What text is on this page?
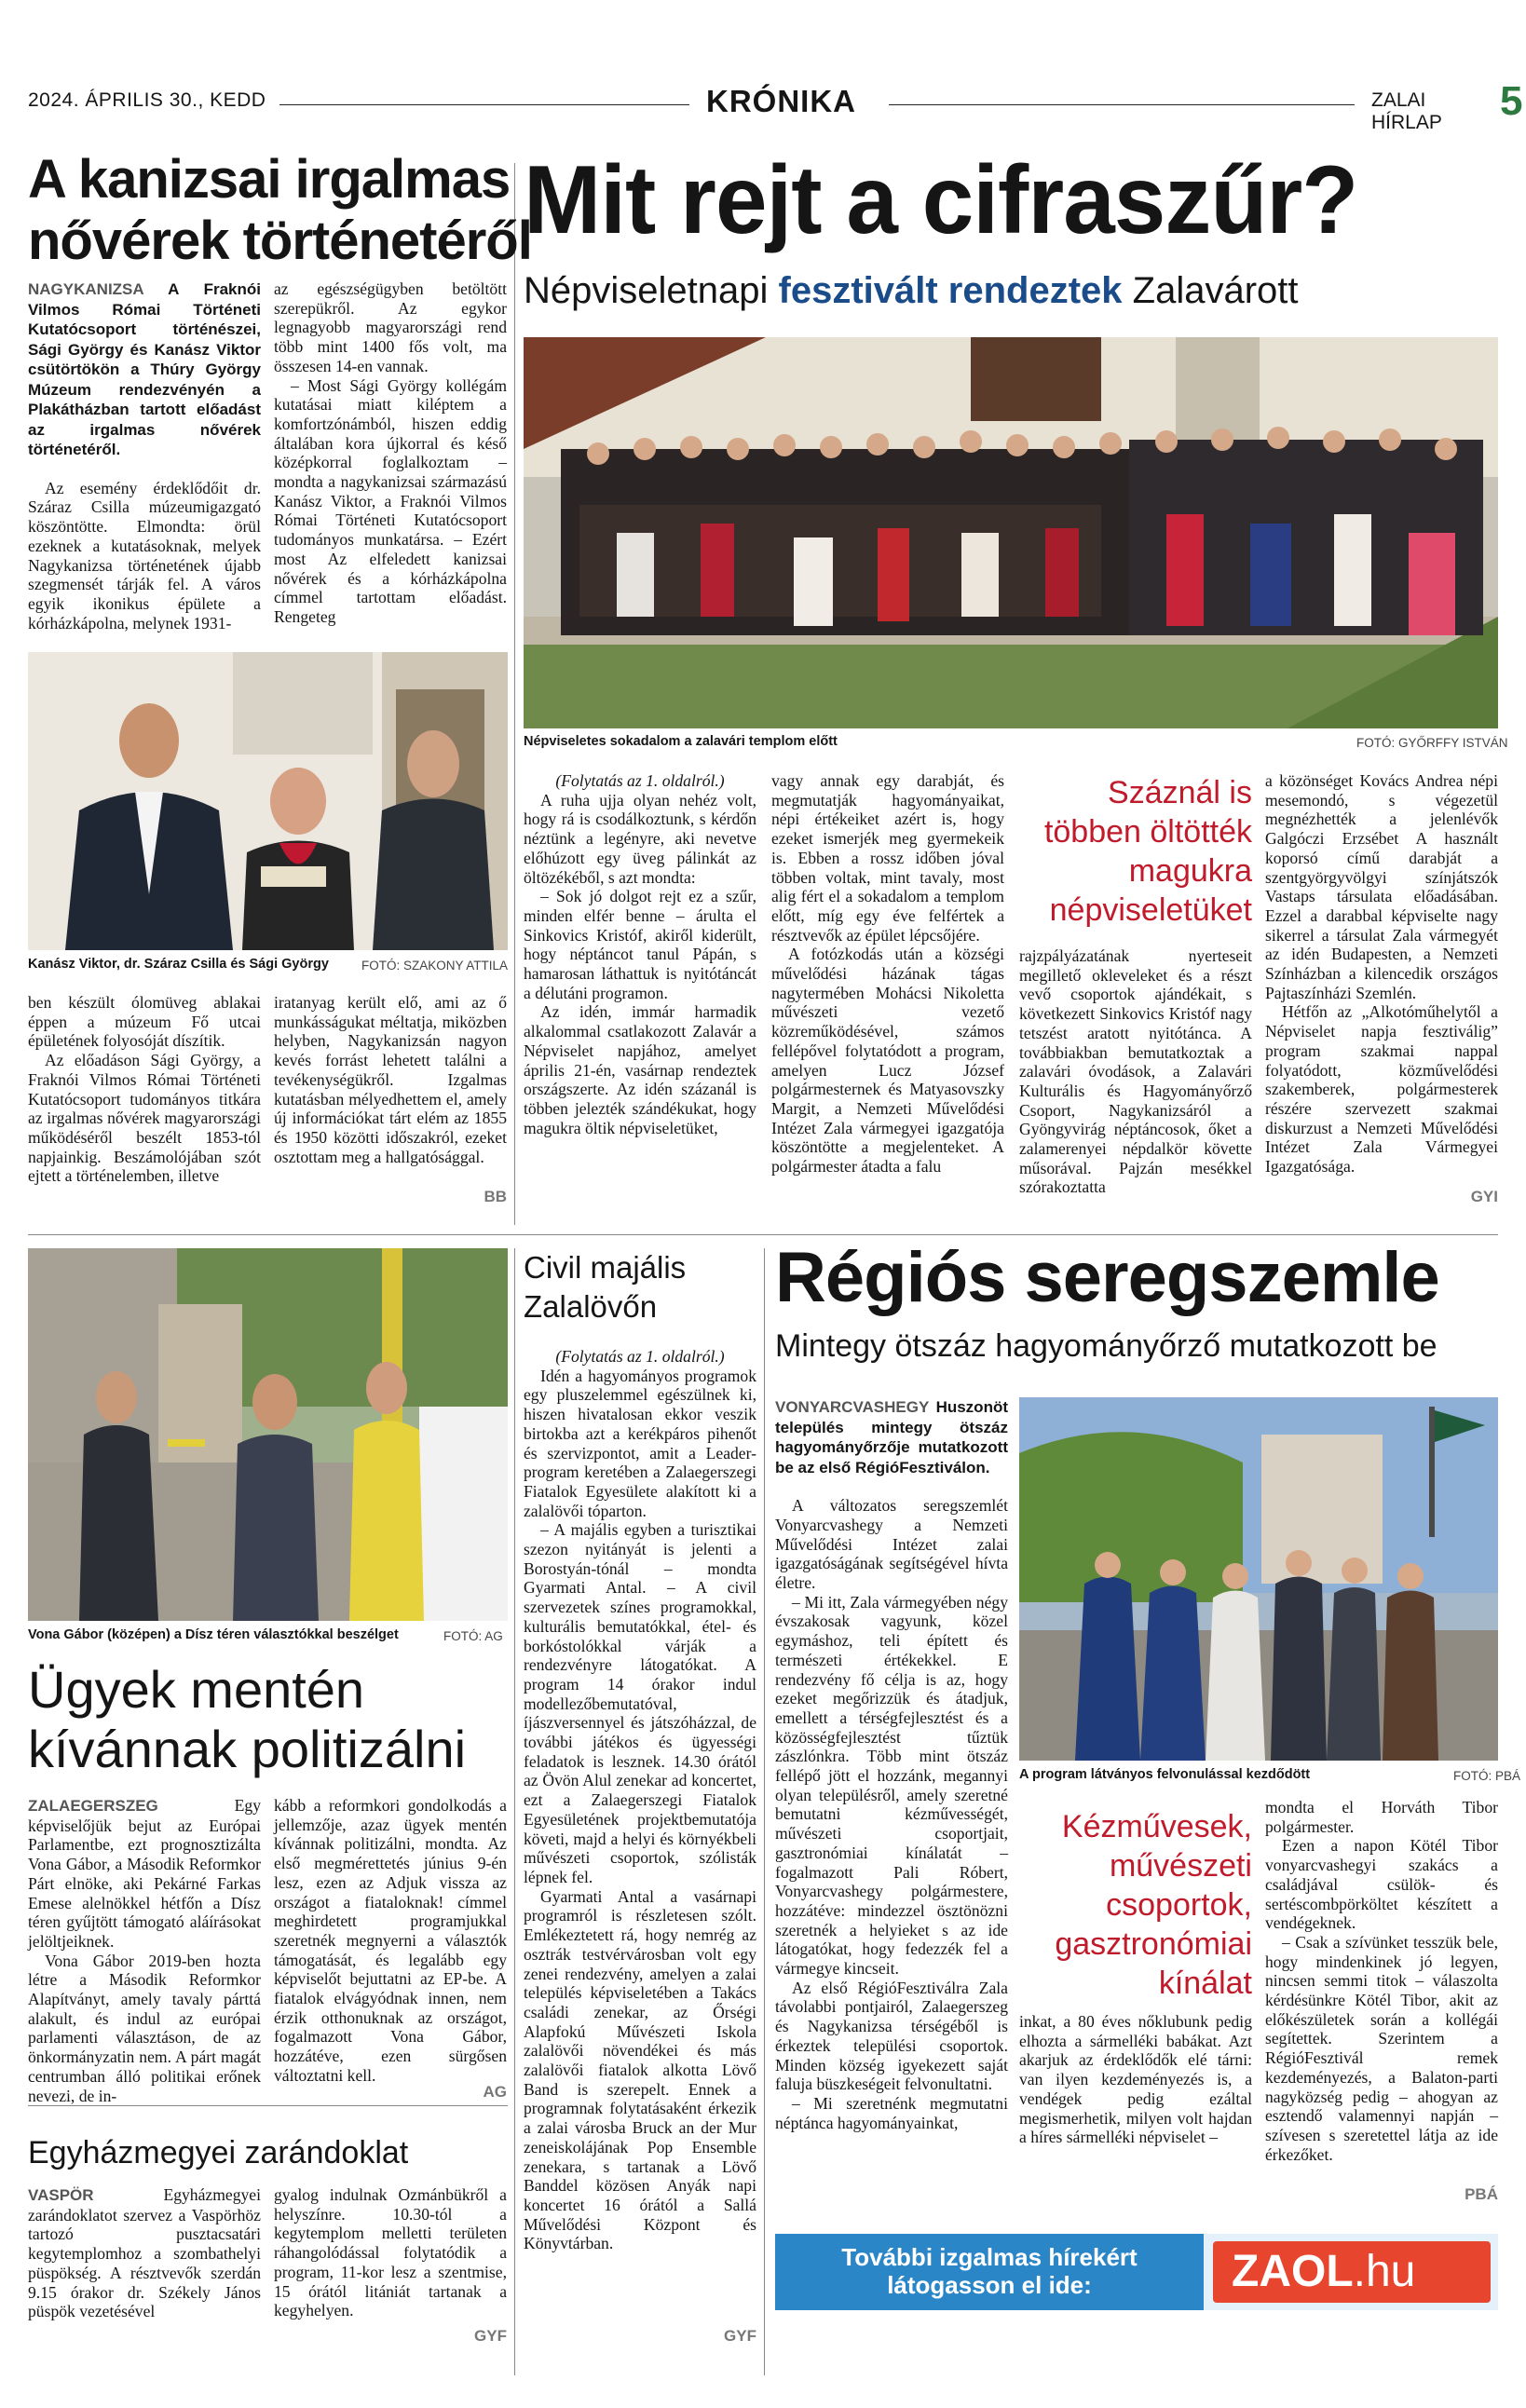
2024. ÁPRILIS 30., KEDD	KRÓNIKA	ZALAI HÍRLAP	5
A kanizsai irgalmas
nővérek történetéről

NAGYKANIZSA A Fraknói Vilmos Római Történeti Kutatócsoport történészei, Sági György és Kanász Viktor csütörtökön a Thúry György Múzeum rendezvényén a Plakátházban tartott előadást az irgalmas nővérek történetéről.

Az esemény érdeklődőit dr. Száraz Csilla múzeumigazgató köszöntötte. Elmondta: örül ezeknek a kutatásoknak, melyek Nagykanizsa történetének újabb szegmensét tárják fel. A város egyik ikonikus épülete a kórházkápolna, melynek 1931-

az egészségügyben betöltött szerepükről. Az egykor legnagyobb magyarországi rend több mint 1400 fős volt, ma összesen 14-en vannak.

– Most Sági György kollégám kutatásai miatt kiléptem a komfortzónámból, hiszen eddig általában kora újkorral és késő középkorral foglalkoztam – mondta a nagykanizsai származású Kanász Viktor, a Fraknói Vilmos Római Történeti Kutatócsoport tudományos munkatársa. – Ezért most Az elfeledett kanizsai nővérek és a kórházkápolna címmel tartottam előadást. Rengeteg

Kanász Viktor, dr. Száraz Csilla és Sági György	FOTÓ: SZAKONY ATTILA

ben készült ólomüveg ablakai éppen a múzeum Fő utcai épületének folyosóját díszítik.

Az előadáson Sági György, a Fraknói Vilmos Római Történeti Kutatócsoport tudományos titkára az irgalmas nővérek magyarországi működéséről beszélt 1853-tól napjainkig. Beszámolójában szót ejtett a történelemben, illetve

iratanyag került elő, ami az ő munkásságukat méltatja, miközben helyben, Nagykanizsán nagyon kevés forrást lehetett találni a tevékenységükről. Izgalmas kutatásban mélyedhettem el, amely új információkat tárt elém az 1855 és 1950 közötti időszakról, ezeket osztottam meg a hallgatósággal.

BB
Mit rejt a cifraszűr?
Népviseletnapi fesztivált rendeztek Zalavárott
Népviseletes sokadalom a zalavári templom előtt	FOTÓ: GYŐRFFY ISTVÁN

(Folytatás az 1. oldalról.)

A ruha ujja olyan nehéz volt, hogy rá is csodálkoztunk, s kérdőn néztünk a legényre, aki nevetve előhúzott egy üveg pálinkát az öltözékéből, s azt mondta:

– Sok jó dolgot rejt ez a szűr, minden elfér benne – árulta el Sinkovics Kristóf, akiről kiderült, hogy néptáncot tanul Pápán, s hamarosan láthattuk is nyitótáncát a délutáni programon.

Az idén, immár harmadik alkalommal csatlakozott Zalavár a Népviselet napjához, amelyet április 21-én, vasárnap rendeztek országszerte. Az idén százanál is többen jelezték szándékukat, hogy magukra öltik népviseletüket,

vagy annak egy darabját, és megmutatják hagyományaikat, népi értékeiket azért is, hogy ezeket ismerjék meg gyermekeik is. Ebben a rossz időben jóval többen voltak, mint tavaly, most alig fért el a sokadalom a templom előtt, míg egy éve felfértek a résztvevők az épület lépcsőjére.

A fotózkodás után a községi művelődési házának tágas nagytermében Mohácsi Nikoletta művészeti vezető közreműködésével, számos fellépővel folytatódott a program, amelyen Lucz József polgármesternek és Matyasovszky Margit, a Nemzeti Művelődési Intézet Zala vármegyei igazgatója köszöntötte a megjelenteket. A polgármester átadta a falu

Száznál is
többen öltötték
magukra
népviseletüket

rajzpályázatának nyerteseit megillető okleveleket és a részt vevő csoportok ajándékait, s következett Sinkovics Kristóf nagy tetszést aratott nyitótánca. A továbbiakban bemutatkoztak a zalavári óvodások, a Zalavári Kulturális és Hagyományőrző Csoport, Nagykanizsáról a Gyöngyvirág néptáncosok, őket a zalamerenyei népdalkör követte műsorával. Pajzán mesékkel szórakoztatta

a közönséget Kovács Andrea népi mesemondó, s végezetül megnézhették a jelenlévők Galgóczi Erzsébet A használt koporsó című darabját a szentgyörgyvölgyi színjátszók Vastaps társulata előadásában. Ezzel a darabbal képviselte nagy sikerrel a társulat Zala vármegyét az idén Budapesten, a Nemzeti Színházban a kilencedik országos Pajtaszínházi Szemlén.

Hétfőn az „Alkotóműhelytől a Népviselet napja fesztiválig” program szakmai nappal folyatódott, közművelődési szakemberek, polgármesterek részére szervezett szakmai diskurzust a Nemzeti Művelődési Intézet Zala Vármegyei Igazgatósága.

GYI
Vona Gábor (középen) a Dísz téren választókkal beszélget	FOTÓ: AG
Ügyek mentén
kívánnak politizálni

ZALAEGERSZEG Egy képviselőjük bejut az Európai Parlamentbe, ezt prognosztizálta Vona Gábor, a Második Reformkor Párt elnöke, aki Pekárné Farkas Emese alelnökkel hétfőn a Dísz téren gyűjtött támogató aláírásokat jelöltjeiknek.

Vona Gábor 2019-ben hozta létre a Második Reformkor Alapítványt, amely tavaly párttá alakult, és indul az európai parlamenti választáson, de az önkormányzatin nem. A párt magát centrumban álló politikai erőnek nevezi, de in-

kább a reformkori gondolkodás a jellemzője, azaz ügyek mentén kívánnak politizálni, mondta. Az első megmérettetés június 9-én lesz, ezen az Adjuk vissza az országot a fiataloknak! címmel meghirdetett programjukkal szeretnék megnyerni a választók támogatását, és legalább egy képviselőt bejuttatni az EP-be. A fiatalok elvágyódnak innen, nem érzik otthonuknak az országot, fogalmazott Vona Gábor, hozzátéve, ezen sürgősen változtatni kell.

AG
Egyházmegyei zarándoklat

VASPÖR Egyházmegyei zarándoklatot szervez a Vaspörhöz tartozó pusztacsatári kegytemplomhoz a szombathelyi püspökség. A résztvevők szerdán 9.15 órakor dr. Székely János püspök vezetésével

gyalog indulnak Ozmánbükről a helyszínre. 10.30-tól a kegytemplom melletti területen ráhangolódással folytatódik a program, 11-kor lesz a szentmise, 15 órától litániát tartanak a kegyhelyen.

GYF
Civil majális
Zalalövőn

(Folytatás az 1. oldalról.)

Idén a hagyományos programok egy pluszelemmel egészülnek ki, hiszen hivatalosan ekkor veszik birtokba azt a kerékpáros pihenőt és szervizpontot, amit a Leader-program keretében a Zalaegerszegi Fiatalok Egyesülete alakított ki a zalalövői tóparton.

– A majális egyben a turisztikai szezon nyitányát is jelenti a Borostyán-tónál – mondta Gyarmati Antal. – A civil szervezetek színes programokkal, kulturális bemutatókkal, étel- és borkóstolókkal várják a rendezvényre látogatókat. A program 14 órakor indul modellezőbemutatóval, íjászversennyel és játszóházzal, de további játékos és ügyességi feladatok is lesznek. 14.30 órától az Övön Alul zenekar ad koncertet, ezt a Zalaegerszegi Fiatalok Egyesületének projektbemutatója követi, majd a helyi és környékbeli művészeti csoportok, szólisták lépnek fel.

Gyarmati Antal a vasárnapi programról is részletesen szólt. Emlékeztetett rá, hogy nemrég az osztrák testvérvárosban volt egy zenei rendezvény, amelyen a zalai település képviseletében a Takács családi zenekar, az Őrségi Alapfokú Művészeti Iskola zalalövői növendékei és más zalalövői fiatalok alkotta Lövő Band is szerepelt. Ennek a programnak folytatásaként érkezik a zalai városba Bruck an der Mur zeneiskolájának Pop Ensemble zenekara, s tartanak a Lövő Banddel közösen Anyák napi koncertet 16 órától a Sallá Művelődési Központ és Könyvtárban.

GYF
Régiós seregszemle
Mintegy ötszáz hagyományőrző mutatkozott be

VONYARCVASHEGY Huszonöt település mintegy ötszáz hagyományőrzője mutatkozott be az első RégióFesztiválon.

A változatos seregszemlét Vonyarcvashegy a Nemzeti Művelődési Intézet zalai igazgatóságának segítségével hívta életre.

– Mi itt, Zala vármegyében négy évszakosak vagyunk, közel egymáshoz, teli épített és természeti értékekkel. E rendezvény fő célja is az, hogy ezeket megőrizzük és átadjuk, emellett a térségfejlesztést és a közösségfejlesztést tűztük zászlónkra. Több mint ötszáz fellépő jött el hozzánk, megannyi olyan településről, amely szeretné bemutatni kézművességét, művészeti csoportjait, gasztronómiai kínálatát – fogalmazott Pali Róbert, Vonyarcvashegy polgármestere, hozzátéve: mindezzel ösztönözni szeretnék a helyieket s az ide látogatókat, hogy fedezzék fel a vármegye kincseit.

Az első RégióFesztiválra Zala távolabbi pontjairól, Zalaegerszeg és Nagykanizsa térségéből is érkeztek települési csoportok. Minden község igyekezett saját faluja büszkeségeit felvonultatni.

– Mi szeretnénk megmutatni néptánca hagyományainkat,

A program látványos felvonulással kezdődött	FOTÓ: PBÁ
Kézművesek,
művészeti
csoportok,
gasztronómiai
kínálat

inkat, a 80 éves nőklubunk pedig elhozta a sármelléki babákat. Azt akarjuk az érdeklődők elé tárni: van ilyen kezdeményezés is, a vendégek pedig ezáltal megismerhetik, milyen volt hajdan a híres sármelléki népviselet –

mondta el Horváth Tibor polgármester.

Ezen a napon Kötél Tibor vonyarcvashegyi szakács a családjával csülök- és sertéscombpörköltet készített a vendégeknek.

– Csak a szívünket tesszük bele, hogy mindenkinek jó legyen, nincsen semmi titok – válaszolta kérdésünkre Kötél Tibor, akit az előkészületek során a kollégái segítettek. Szerintem a RégióFesztivál remek kezdeményezés, a Balaton-parti nagyközség pedig – ahogyan az esztendő valamennyi napján – szívesen s szeretettel látja az ide érkezőket.

PBÁ
További izgalmas hírekért
látogasson el ide:	ZAOL.hu
